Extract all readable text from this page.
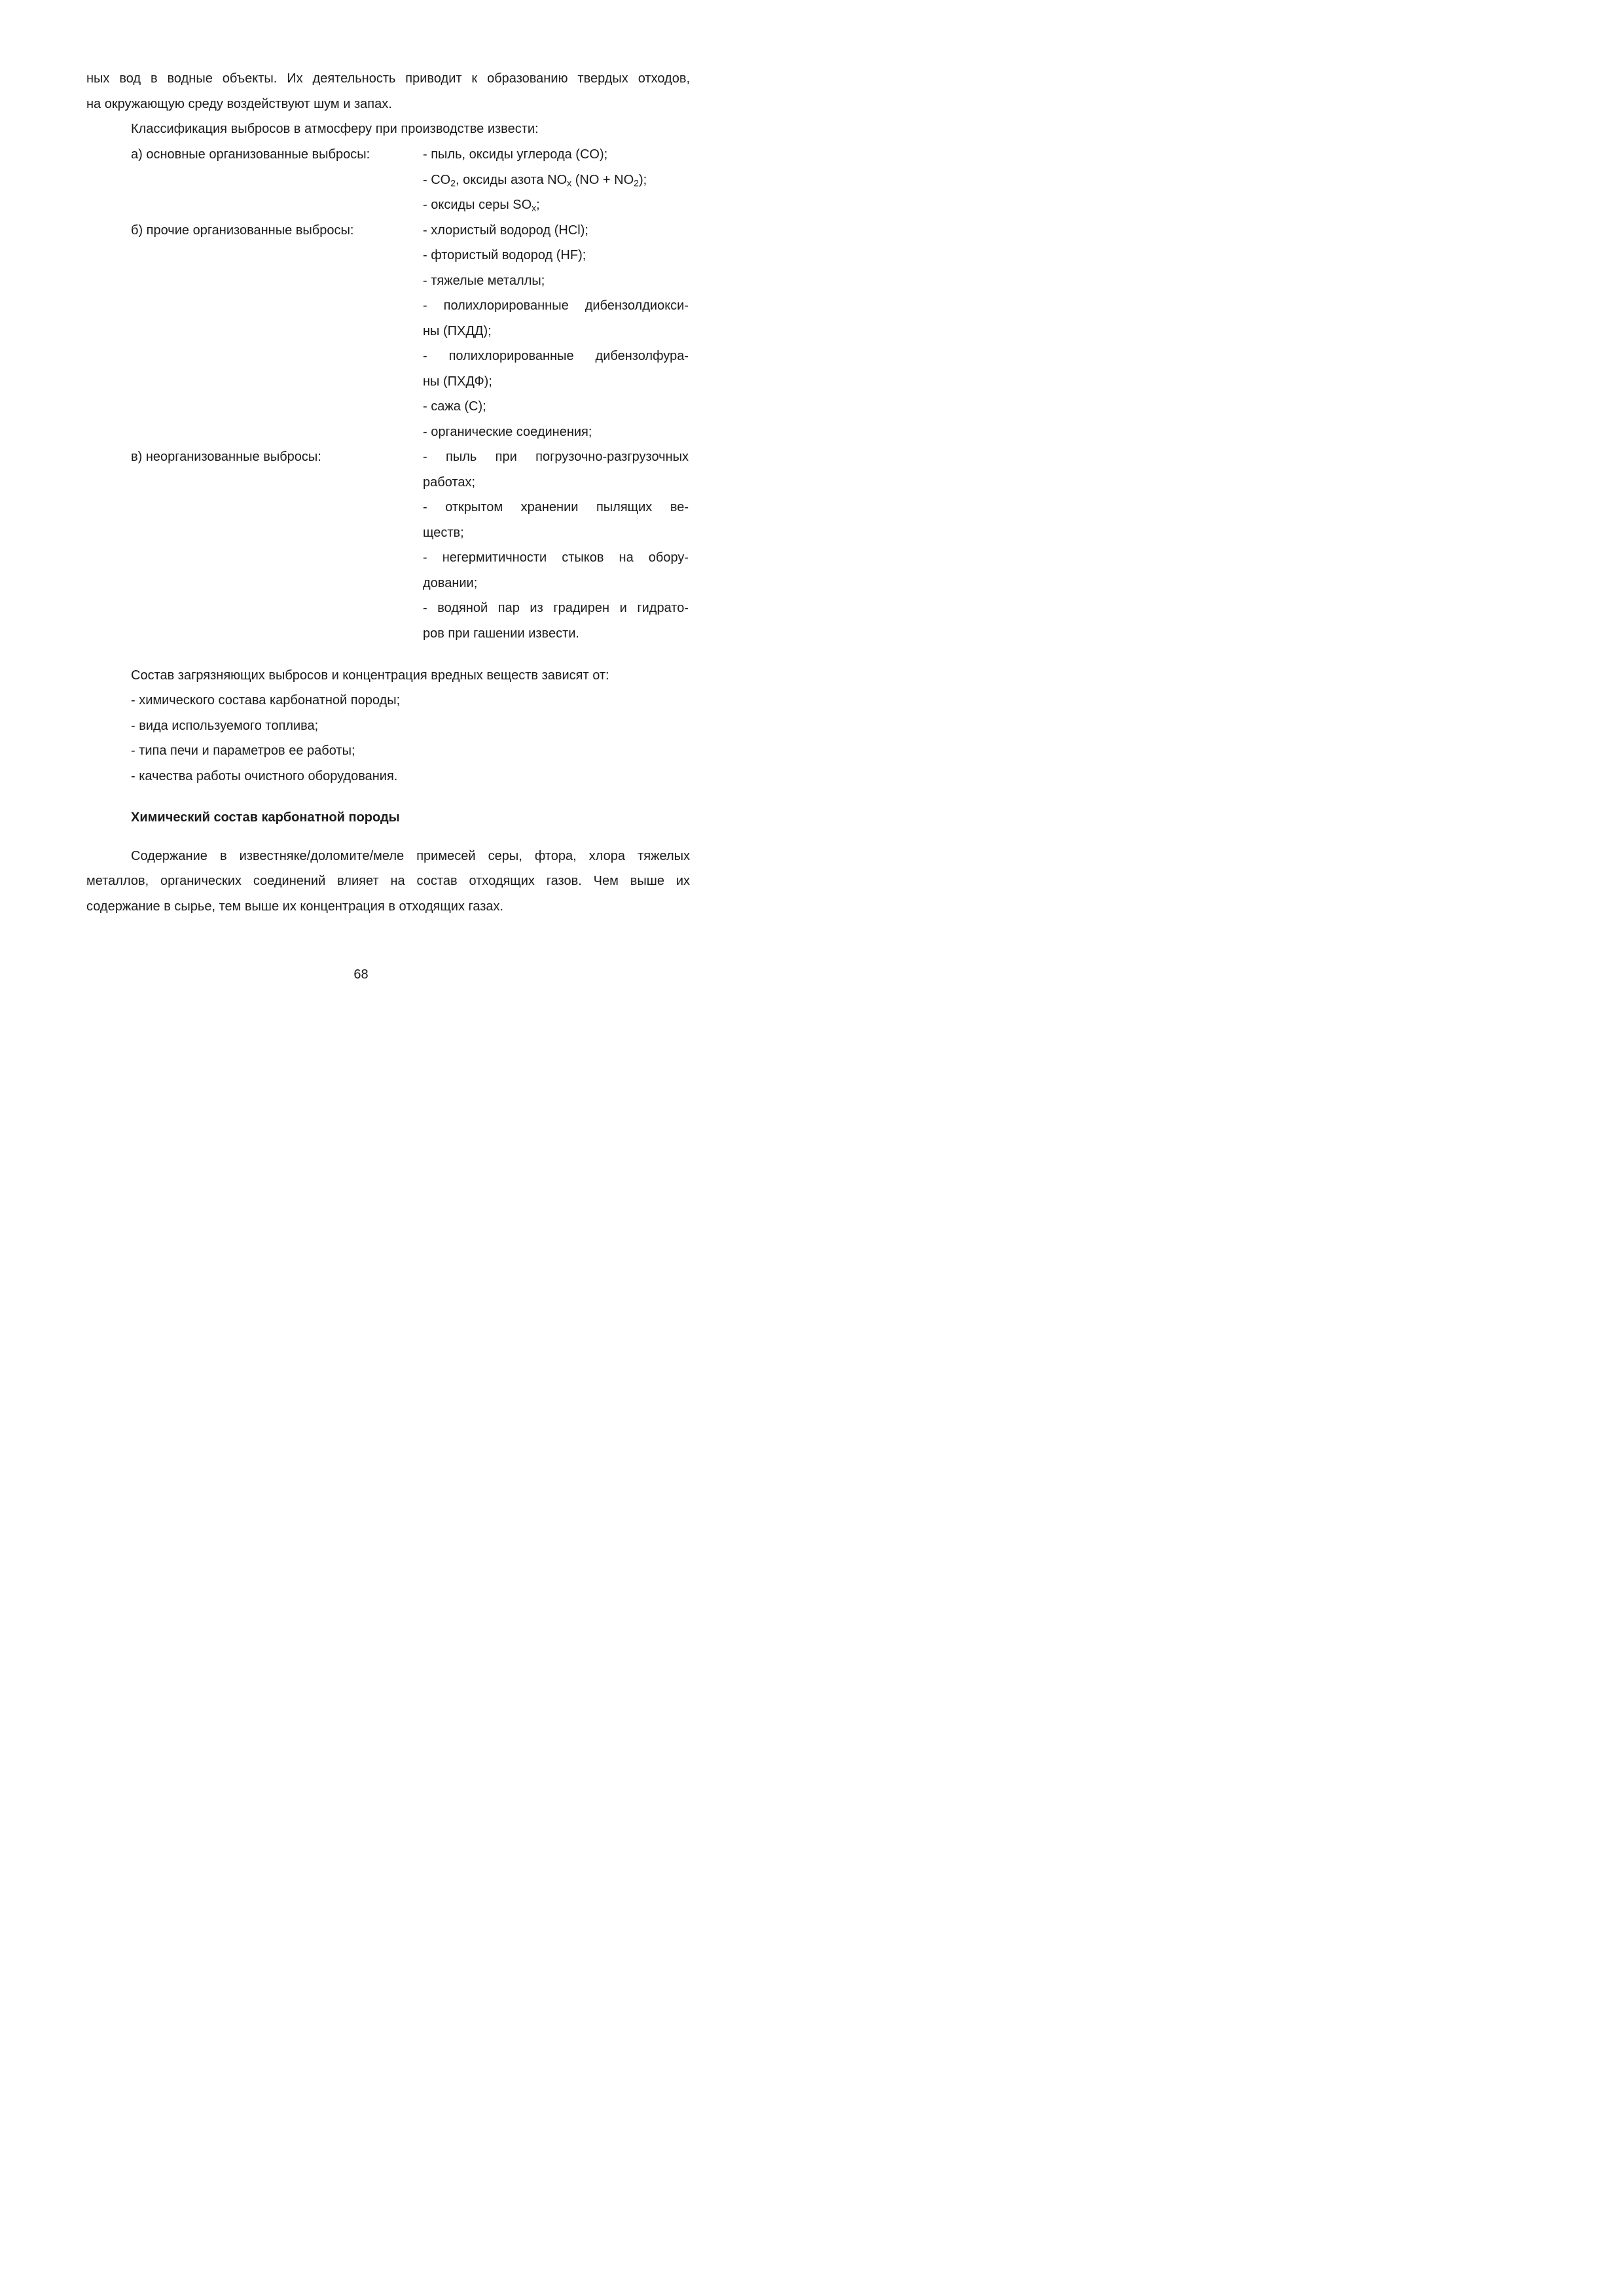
ных вод в водные объекты. Их деятельность приводит к образованию твердых отходов,
на окружающую среду воздействуют шум и запах.
Классификация выбросов в атмосферу при производстве извести:
а) основные организованные выбросы:	- пыль, оксиды углерода (CO);
- $CO_2$, оксиды азота $NO_x$ $(NO + NO_2)$;
- оксиды серы $SO_x$;
б) прочие организованные выбросы:	- хлористый водород (HCl);
- фтористый водород (HF);
- тяжелые металлы;
- полихлорированные дибензолдиокси-
ны (ПХДД);
- полихлорированные дибензолфура-
ны (ПХДФ);
- сажа (C);
- органические соединения;
в) неорганизованные выбросы:	- пыль при погрузочно-разгрузочных
работах;
- открытом хранении пылящих ве-
ществ;
- негермитичности стыков на обору-
довании;
- водяной пар из градирен и гидрато-
ров при гашении извести.
Состав загрязняющих выбросов и концентрация вредных веществ зависят от:
- химического состава карбонатной породы;
- вида используемого топлива;
- типа печи и параметров ее работы;
- качества работы очистного оборудования.
Химический состав карбонатной породы
Содержание в известняке/доломите/меле примесей серы, фтора, хлора тяжелых
металлов, органических соединений влияет на состав отходящих газов. Чем выше их
содержание в сырье, тем выше их концентрация в отходящих газах.
68
